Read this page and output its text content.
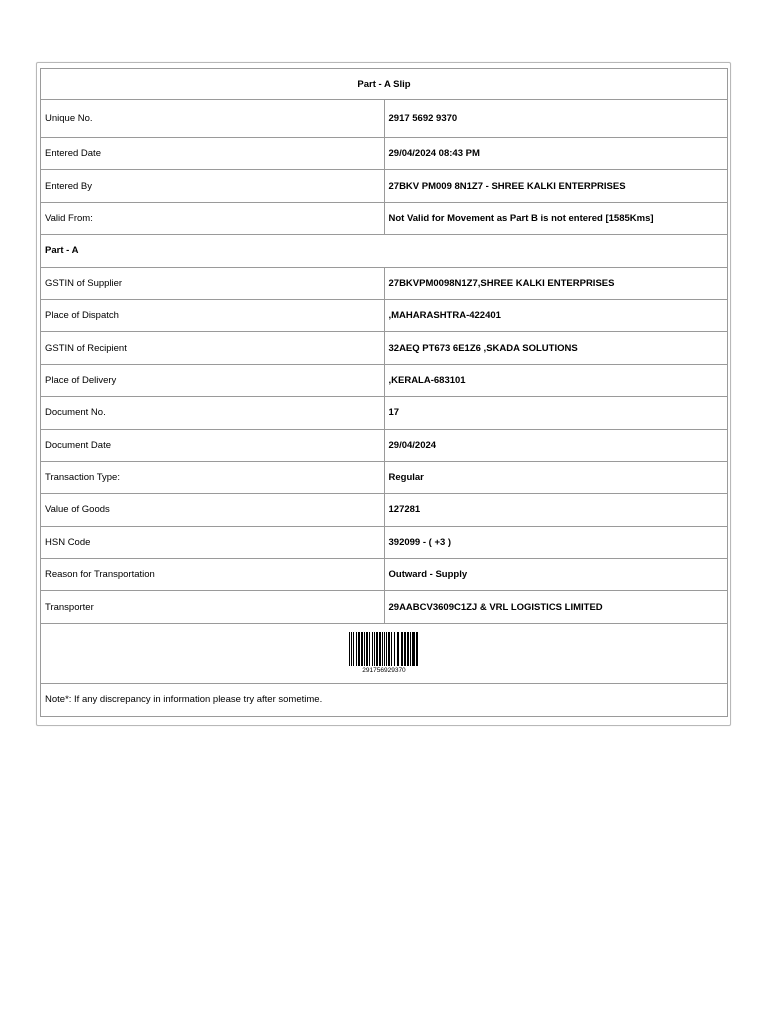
Part - A Slip	
Unique No.	2917 5692 9370
Entered Date	29/04/2024 08:43 PM
Entered By	27BKV PM009 8N1Z7 - SHREE KALKI ENTERPRISES
Valid From:	Not Valid for Movement as Part B is not entered [1585Kms]
Part - A	
GSTIN of Supplier	27BKVPM0098N1Z7,SHREE KALKI ENTERPRISES
Place of Dispatch	,MAHARASHTRA-422401
GSTIN of Recipient	32AEQ PT673 6E1Z6 ,SKADA SOLUTIONS
Place of Delivery	,KERALA-683101
Document No.	17
Document Date	29/04/2024
Transaction Type:	Regular
Value of Goods	127281
HSN Code	392099 - ( +3 )
Reason for Transportation	Outward - Supply
Transporter	29AABCV3609C1ZJ & VRL LOGISTICS LIMITED

291756929370	

Note*: If any discrepancy in information please try after sometime.	
